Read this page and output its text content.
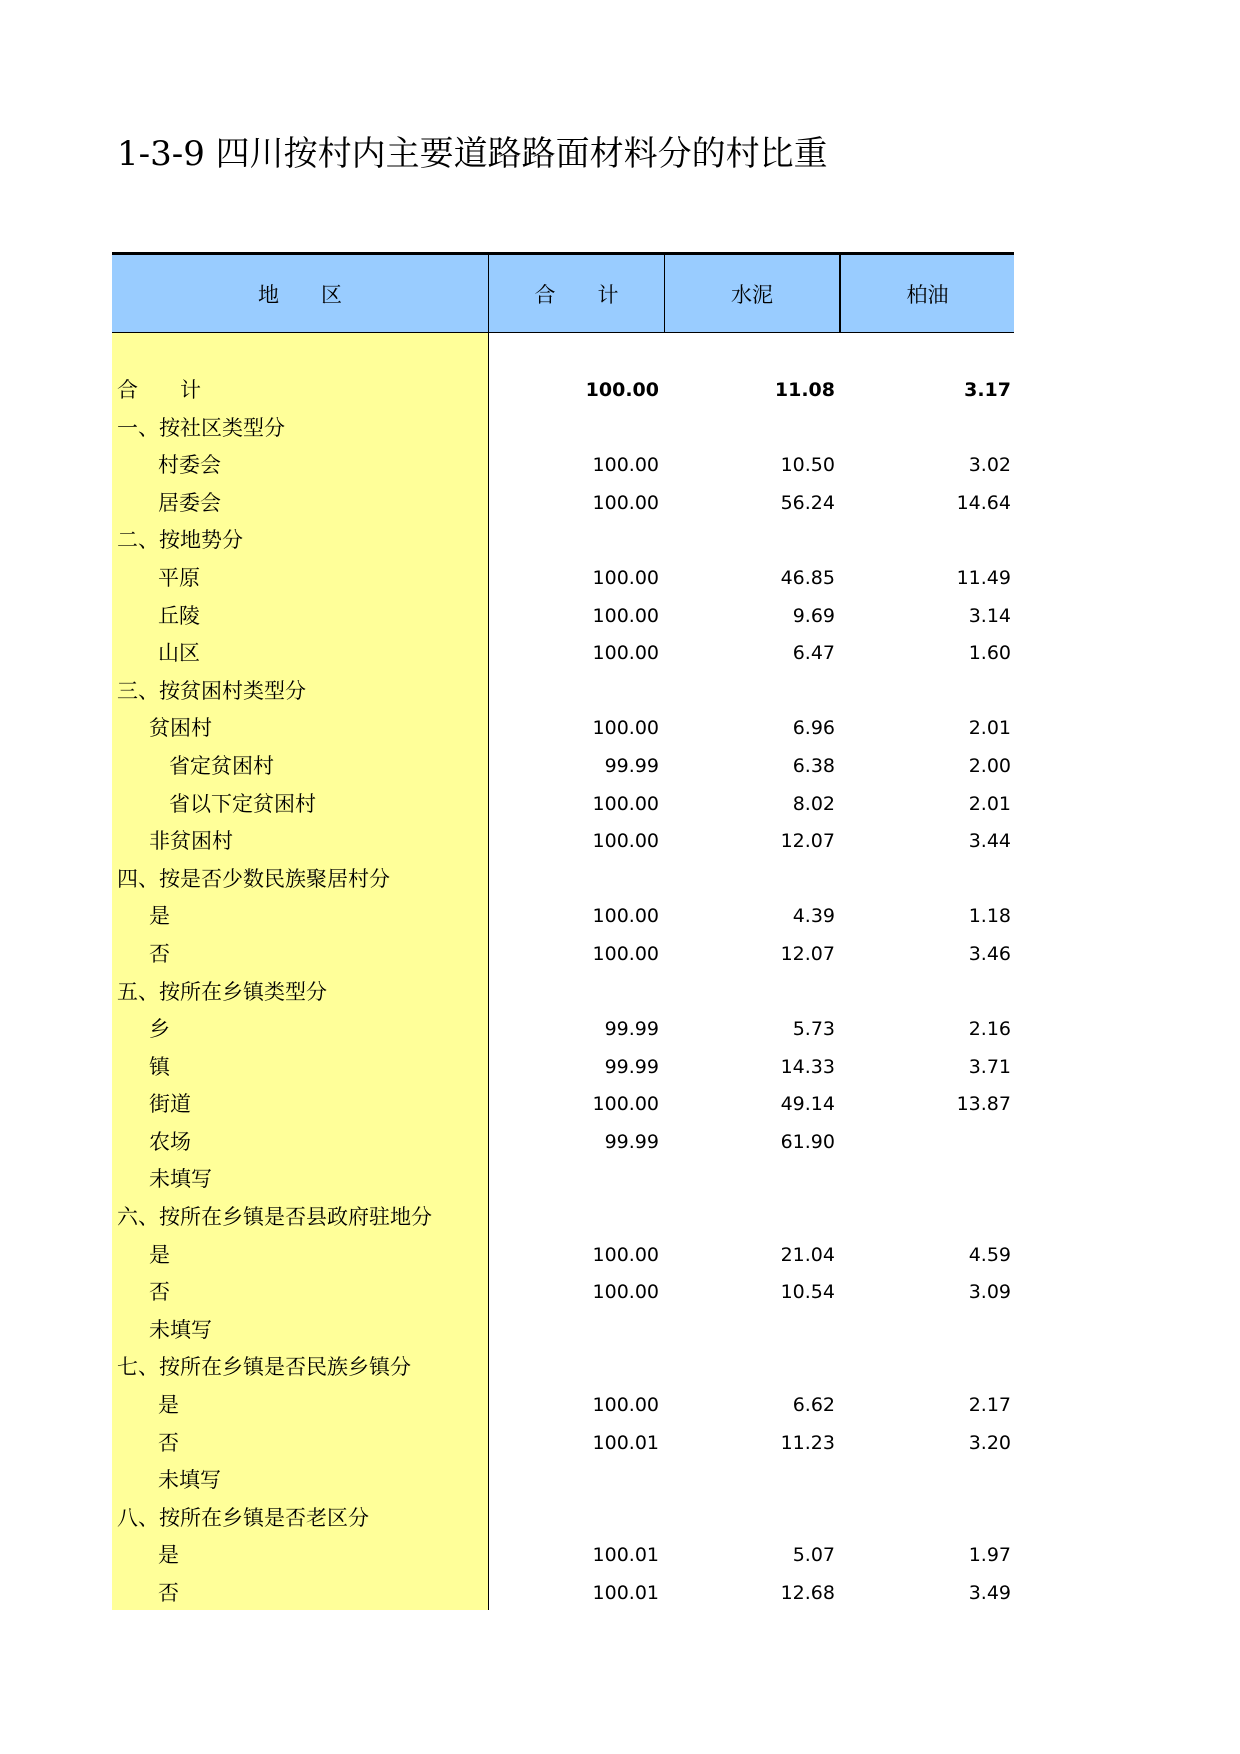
1-3-9 四川按村内主要道路路面材料分的村比重
地　　区	合　　计	水泥	柏油
合　　计	100.00	11.08	3.17
一、按社区类型分
村委会	100.00	10.50	3.02
居委会	100.00	56.24	14.64
二、按地势分
平原	100.00	46.85	11.49
丘陵	100.00	9.69	3.14
山区	100.00	6.47	1.60
三、按贫困村类型分
贫困村	100.00	6.96	2.01
省定贫困村	99.99	6.38	2.00
省以下定贫困村	100.00	8.02	2.01
非贫困村	100.00	12.07	3.44
四、按是否少数民族聚居村分
是	100.00	4.39	1.18
否	100.00	12.07	3.46
五、按所在乡镇类型分
乡	99.99	5.73	2.16
镇	99.99	14.33	3.71
街道	100.00	49.14	13.87
农场	99.99	61.90
未填写
六、按所在乡镇是否县政府驻地分
是	100.00	21.04	4.59
否	100.00	10.54	3.09
未填写
七、按所在乡镇是否民族乡镇分
是	100.00	6.62	2.17
否	100.01	11.23	3.20
未填写
八、按所在乡镇是否老区分
是	100.01	5.07	1.97
否	100.01	12.68	3.49
